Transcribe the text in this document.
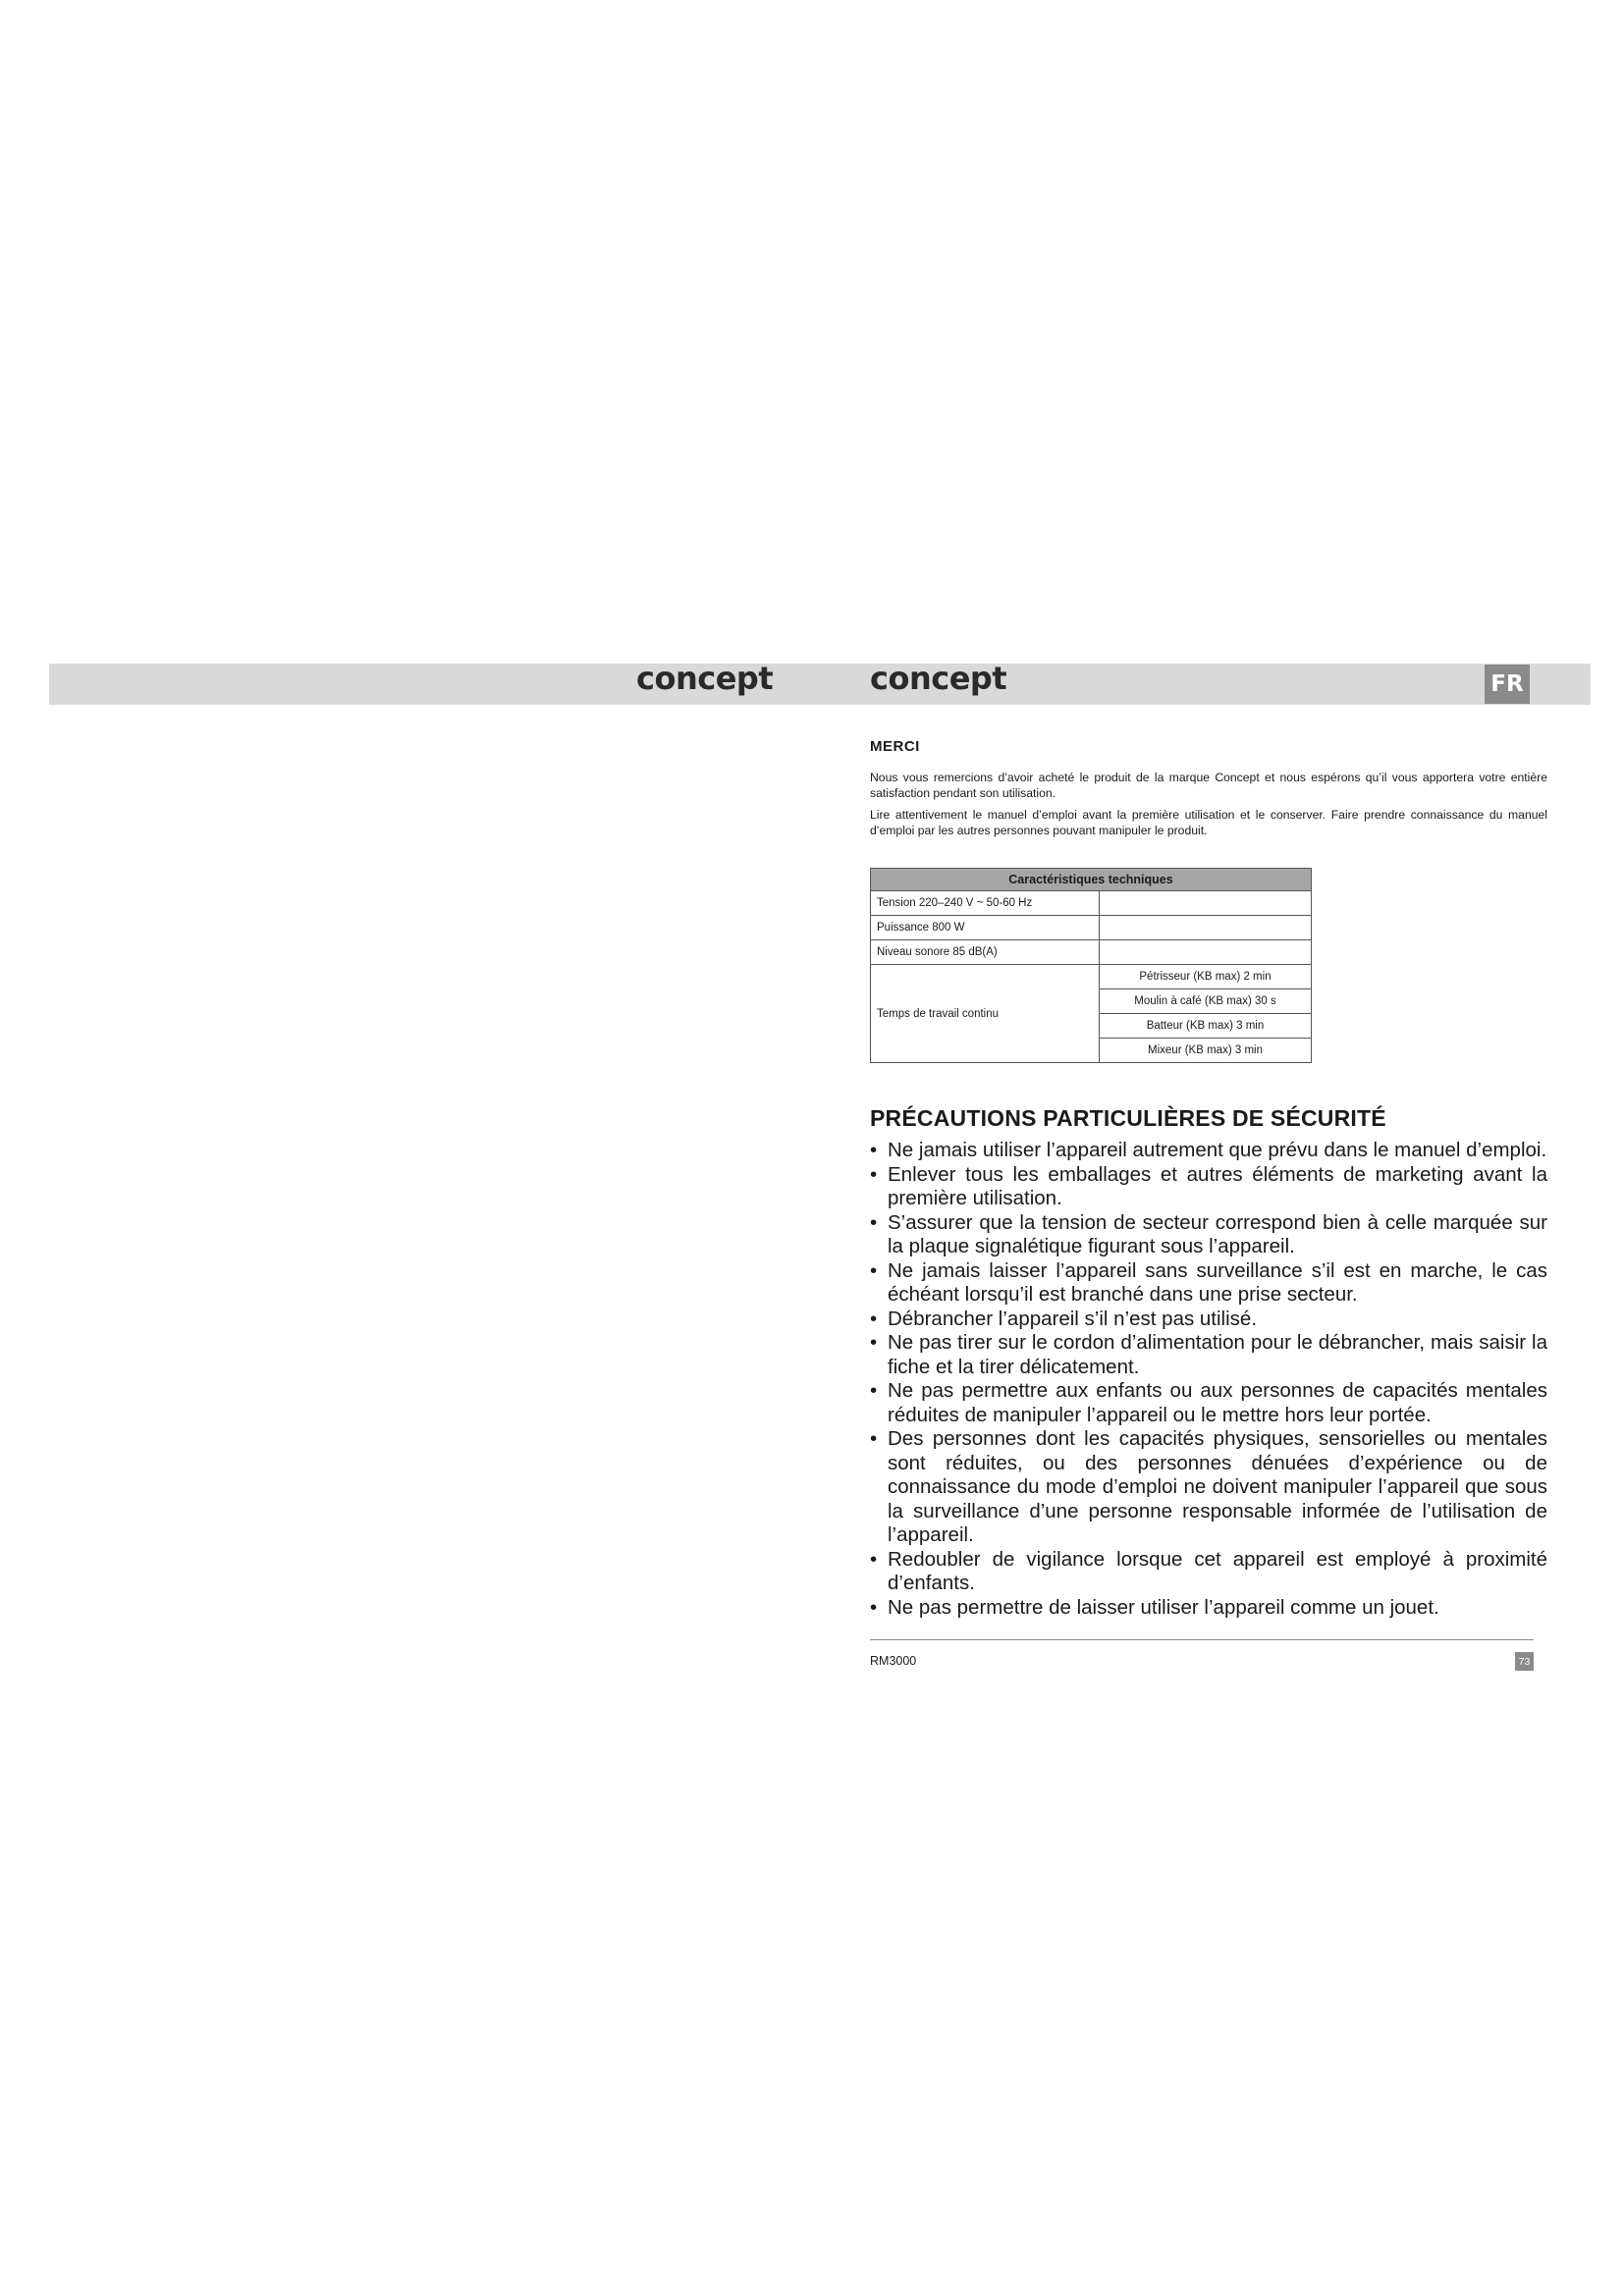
concept	concept	FR
MERCI

Nous vous remercions d’avoir acheté le produit de la marque Concept et nous espérons qu’il vous apportera votre entière satisfaction pendant son utilisation.

Lire attentivement le manuel d’emploi avant la première utilisation et le conserver. Faire prendre connaissance du manuel d’emploi par les autres personnes pouvant manipuler le produit.

Caractéristiques techniques	
Tension 220–240 V ~ 50-60 Hz	
Puissance 800 W	
Niveau sonore 85 dB(A)	
Temps de travail continu	Pétrisseur (KB max) 2 min
	Moulin à café (KB max) 30 s
	Batteur (KB max) 3 min
	Mixeur (KB max) 3 min
PRÉCAUTIONS PARTICULIÈRES DE SÉCURITÉ
• Ne jamais utiliser l’appareil autrement que prévu dans le manuel d’emploi.
• Enlever tous les emballages et autres éléments de marketing avant la première utilisation.
• S’assurer que la tension de secteur correspond bien à celle marquée sur la plaque signalétique figurant sous l’appareil.
• Ne jamais laisser l’appareil sans surveillance s’il est en marche, le cas échéant lorsqu’il est branché dans une prise secteur.
• Débrancher l’appareil s’il n’est pas utilisé.
• Ne pas tirer sur le cordon d’alimentation pour le débrancher, mais saisir la fiche et la tirer délicatement.
• Ne pas permettre aux enfants ou aux personnes de capacités mentales réduites de manipuler l’appareil ou le mettre hors leur portée.
• Des personnes dont les capacités physiques, sensorielles ou mentales sont réduites, ou des personnes dénuées d’expérience ou de connaissance du mode d’emploi ne doivent manipuler l’appareil que sous la surveillance d’une personne responsable informée de l’utilisation de l’appareil.
• Redoubler de vigilance lorsque cet appareil est employé à proximité d’enfants.
• Ne pas permettre de laisser utiliser l’appareil comme un jouet.
RM3000	73
